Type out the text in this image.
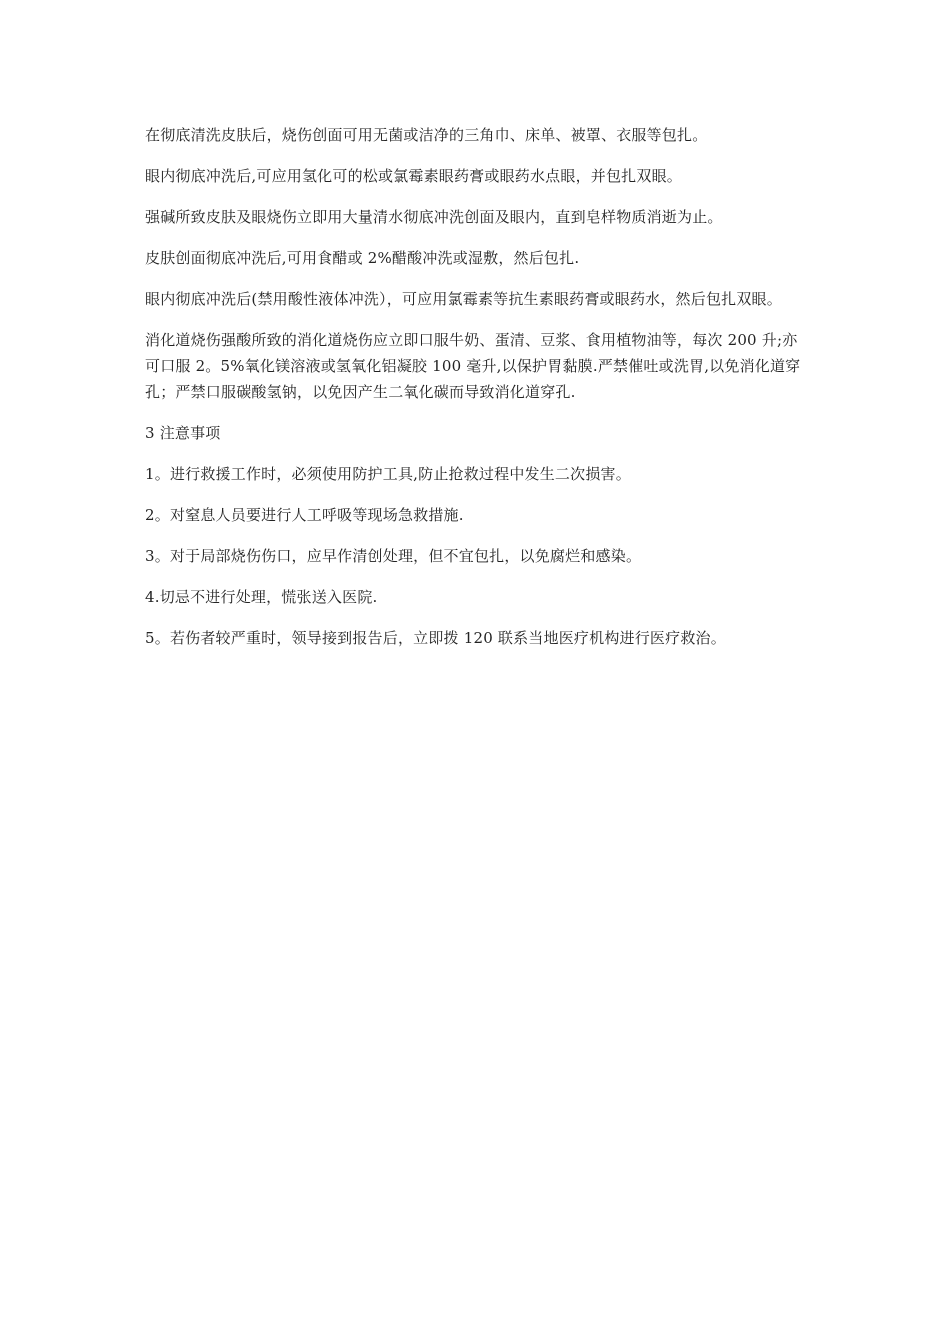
在彻底清洗皮肤后，烧伤创面可用无菌或洁净的三角巾、床单、被罩、衣服等包扎。

眼内彻底冲洗后,可应用氢化可的松或氯霉素眼药膏或眼药水点眼，并包扎双眼。

强碱所致皮肤及眼烧伤立即用大量清水彻底冲洗创面及眼内，直到皂样物质消逝为止。

皮肤创面彻底冲洗后,可用食醋或 2%醋酸冲洗或湿敷，然后包扎.

眼内彻底冲洗后(禁用酸性液体冲洗），可应用氯霉素等抗生素眼药膏或眼药水，然后包扎双眼。

消化道烧伤强酸所致的消化道烧伤应立即口服牛奶、蛋清、豆浆、食用植物油等，每次 200 升;亦可口服 2。5%氧化镁溶液或氢氧化铝凝胶 100 毫升,以保护胃黏膜.严禁催吐或洗胃,以免消化道穿孔；严禁口服碳酸氢钠，以免因产生二氧化碳而导致消化道穿孔.

3 注意事项

1。进行救援工作时，必须使用防护工具,防止抢救过程中发生二次损害。

2。对窒息人员要进行人工呼吸等现场急救措施.

3。对于局部烧伤伤口，应早作清创处理，但不宜包扎，以免腐烂和感染。

4.切忌不进行处理，慌张送入医院.

5。若伤者较严重时，领导接到报告后，立即拨 120 联系当地医疗机构进行医疗救治。
